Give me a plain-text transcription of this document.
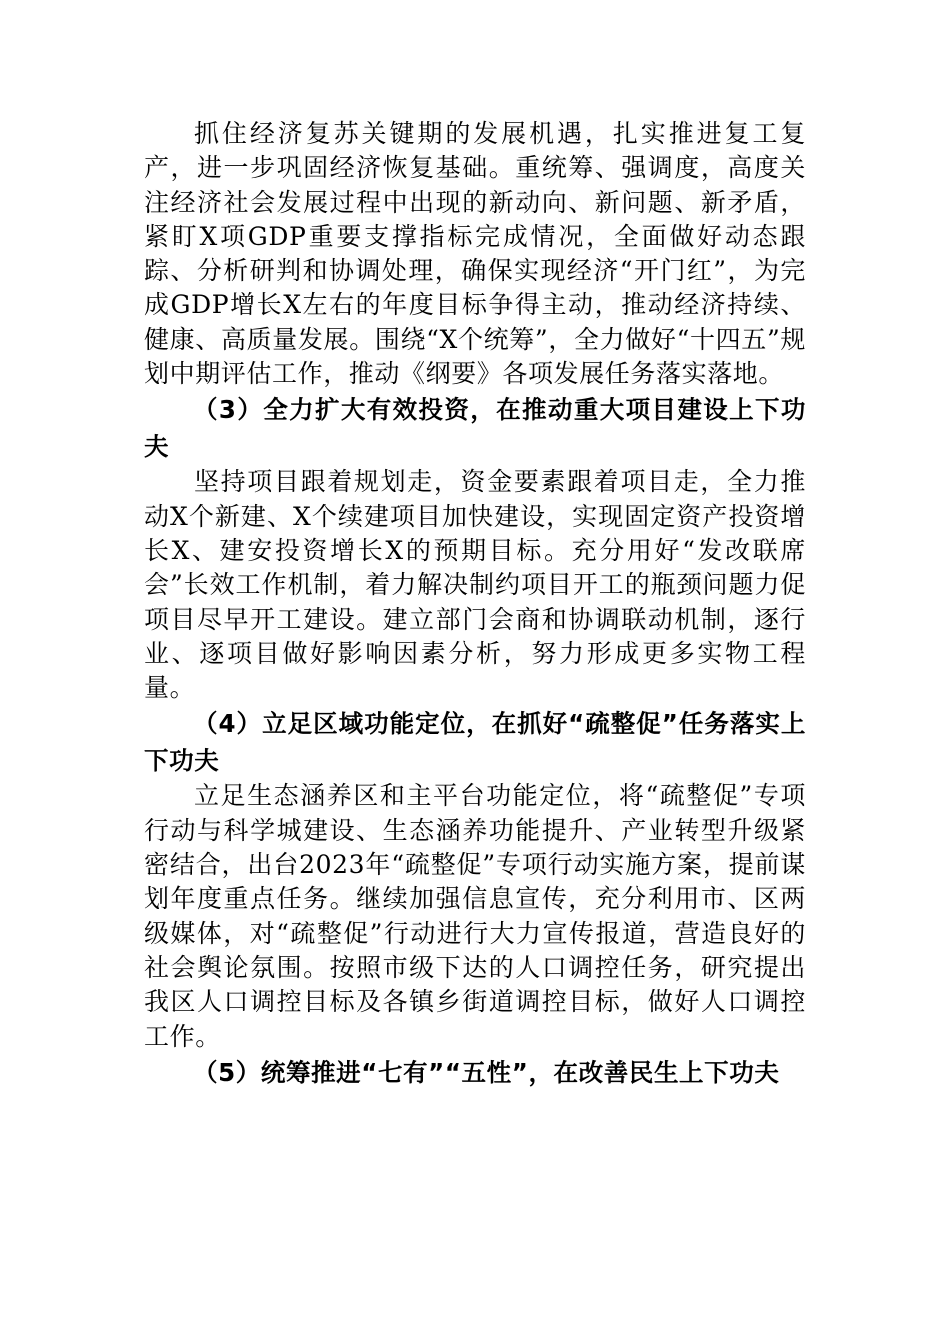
抓住经济复苏关键期的发展机遇，扎实推进复工复产，进一步巩固经济恢复基础。重统筹、强调度，高度关注经济社会发展过程中出现的新动向、新问题、新矛盾，紧盯X项GDP重要支撑指标完成情况，全面做好动态跟踪、分析研判和协调处理，确保实现经济“开门红”，为完成GDP增长X左右的年度目标争得主动，推动经济持续、健康、高质量发展。围绕“X个统筹”，全力做好“十四五”规划中期评估工作，推动《纲要》各项发展任务落实落地。

（3）全力扩大有效投资，在推动重大项目建设上下功夫

坚持项目跟着规划走，资金要素跟着项目走，全力推动X个新建、X个续建项目加快建设，实现固定资产投资增长X、建安投资增长X的预期目标。充分用好“发改联席会”长效工作机制，着力解决制约项目开工的瓶颈问题力促项目尽早开工建设。建立部门会商和协调联动机制，逐行业、逐项目做好影响因素分析，努力形成更多实物工程量。

（4）立足区域功能定位，在抓好“疏整促”任务落实上下功夫

立足生态涵养区和主平台功能定位，将“疏整促”专项行动与科学城建设、生态涵养功能提升、产业转型升级紧密结合，出台2023年“疏整促”专项行动实施方案，提前谋划年度重点任务。继续加强信息宣传，充分利用市、区两级媒体，对“疏整促”行动进行大力宣传报道，营造良好的社会舆论氛围。按照市级下达的人口调控任务，研究提出我区人口调控目标及各镇乡街道调控目标，做好人口调控工作。

（5）统筹推进“七有”“五性”，在改善民生上下功夫
